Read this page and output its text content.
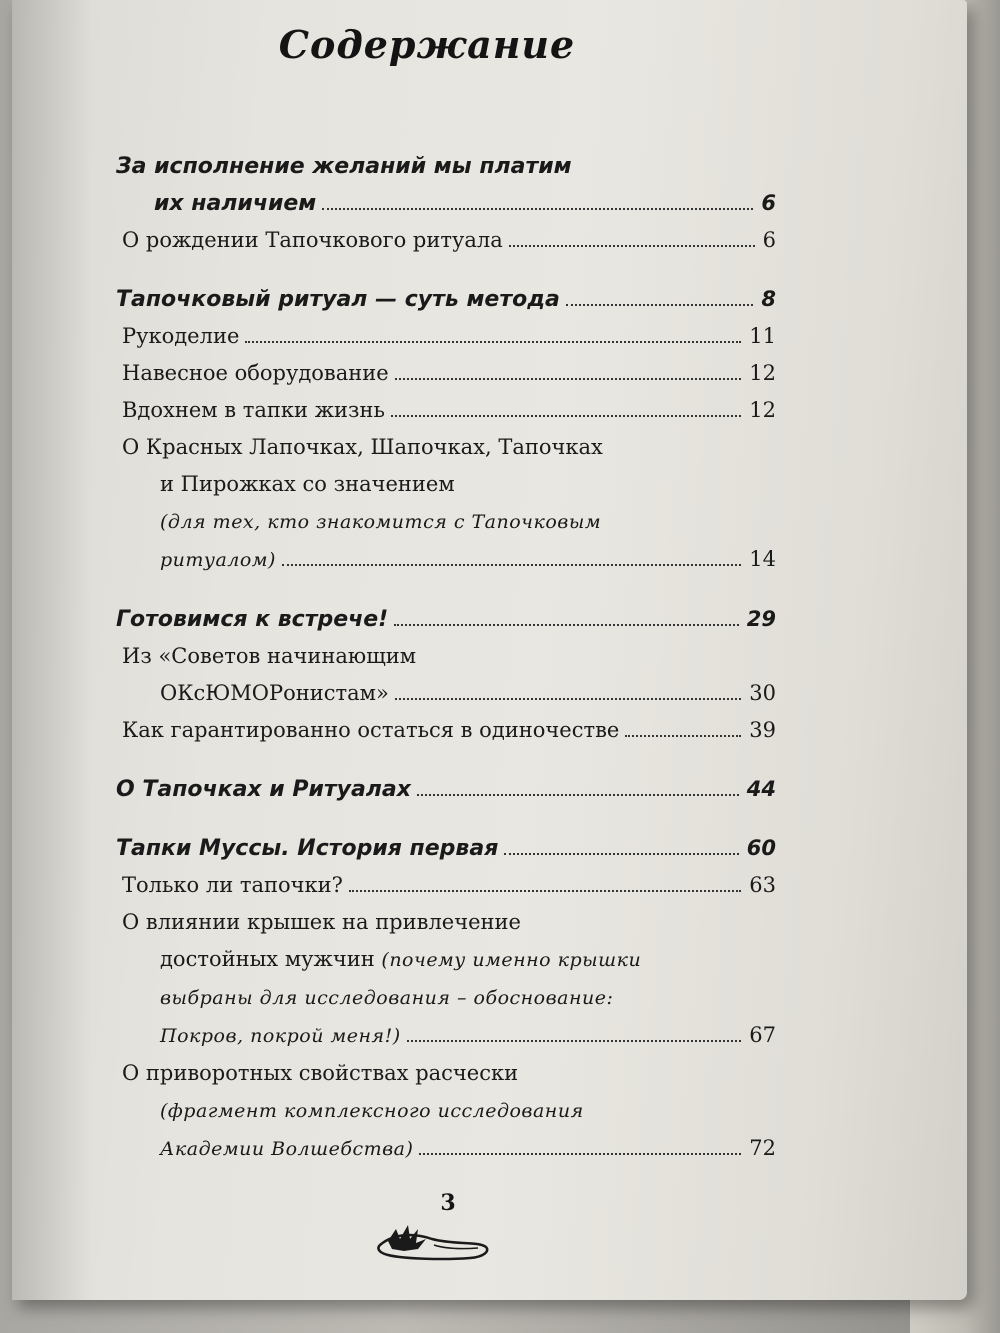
Содержание
За исполнение желаний мы платим
их наличием	6
О рождении Тапочкового ритуала	6
Тапочковый ритуал — суть метода	8
Рукоделие	11
Навесное оборудование	12
Вдохнем в тапки жизнь	12
О Красных Лапочках, Шапочках, Тапочках
и Пирожках со значением
(для тех, кто знакомится с Тапочковым
ритуалом)	14
Готовимся к встрече!	29
Из «Советов начинающим
ОКсЮМОРонистам»	30
Как гарантированно остаться в одиночестве	39
О Тапочках и Ритуалах	44
Тапки Муссы. История первая	60
Только ли тапочки?	63
О влиянии крышек на привлечение
достойных мужчин (почему именно крышки
выбраны для исследования – обоснование:
Покров, покрой меня!)	67
О приворотных свойствах расчески
(фрагмент комплексного исследования
Академии Волшебства)	72
3
